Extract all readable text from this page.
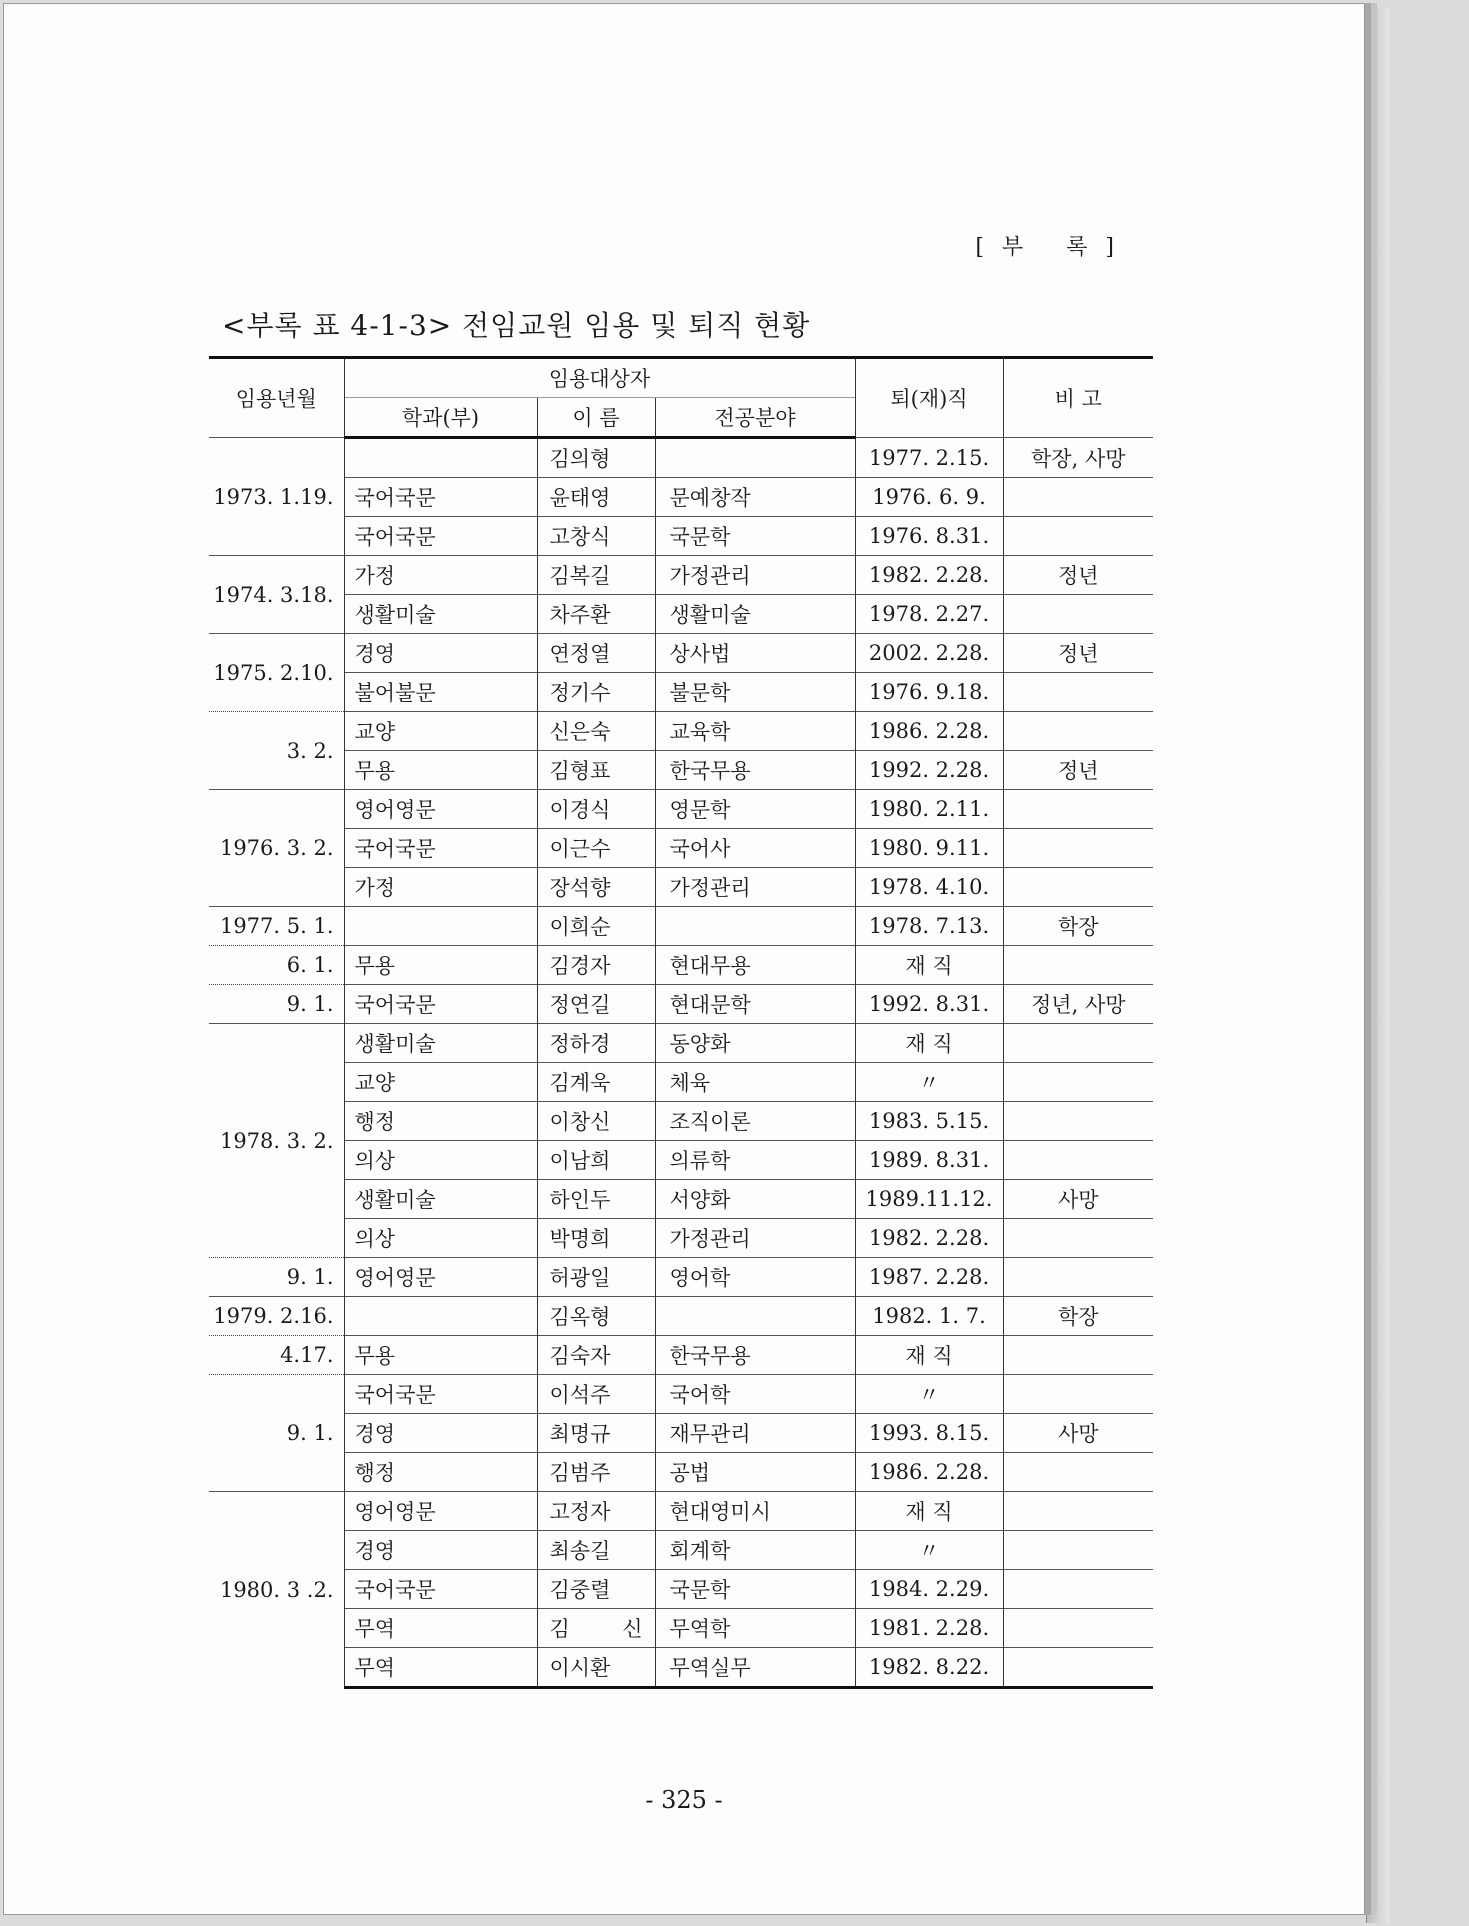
[부 록]
<부록 표 4-1-3> 전임교원 임용 및 퇴직 현황
임용년월	임용대상자			퇴(재)직	비 고
	학과(부)	이 름	전공분야		
1973. 1.19.		김의형		1977. 2.15.	학장, 사망

	국어국문	윤태영	문예창작	1976. 6. 9.	

	국어국문	고창식	국문학	1976. 8.31.	
1974. 3.18.	가정	김복길	가정관리	1982. 2.28.	정년

	생활미술	차주환	생활미술	1978. 2.27.	
1975. 2.10.	경영	연정열	상사법	2002. 2.28.	정년

	불어불문	정기수	불문학	1976. 9.18.	
3. 2.	교양	신은숙	교육학	1986. 2.28.	

	무용	김형표	한국무용	1992. 2.28.	정년
1976. 3. 2.	영어영문	이경식	영문학	1980. 2.11.	

	국어국문	이근수	국어사	1980. 9.11.	

	가정	장석향	가정관리	1978. 4.10.	
1977. 5. 1.		이희순		1978. 7.13.	학장
6. 1.	무용	김경자	현대무용	재 직	
9. 1.	국어국문	정연길	현대문학	1992. 8.31.	정년, 사망
1978. 3. 2.	생활미술	정하경	동양화	재 직	

	교양	김계욱	체육	〃	

	행정	이창신	조직이론	1983. 5.15.	

	의상	이남희	의류학	1989. 8.31.	

	생활미술	하인두	서양화	1989.11.12.	사망

	의상	박명희	가정관리	1982. 2.28.	
9. 1.	영어영문	허광일	영어학	1987. 2.28.	
1979. 2.16.		김옥형		1982. 1. 7.	학장
4.17.	무용	김숙자	한국무용	재 직	
9. 1.	국어국문	이석주	국어학	〃	

	경영	최명규	재무관리	1993. 8.15.	사망

	행정	김범주	공법	1986. 2.28.	
1980. 3 .2.	영어영문	고정자	현대영미시	재 직	

	경영	최송길	회계학	〃	

	국어국문	김중렬	국문학	1984. 2.29.	

	무역	김 신	무역학	1981. 2.28.	

	무역	이시환	무역실무	1982. 8.22.	
- 325 -
